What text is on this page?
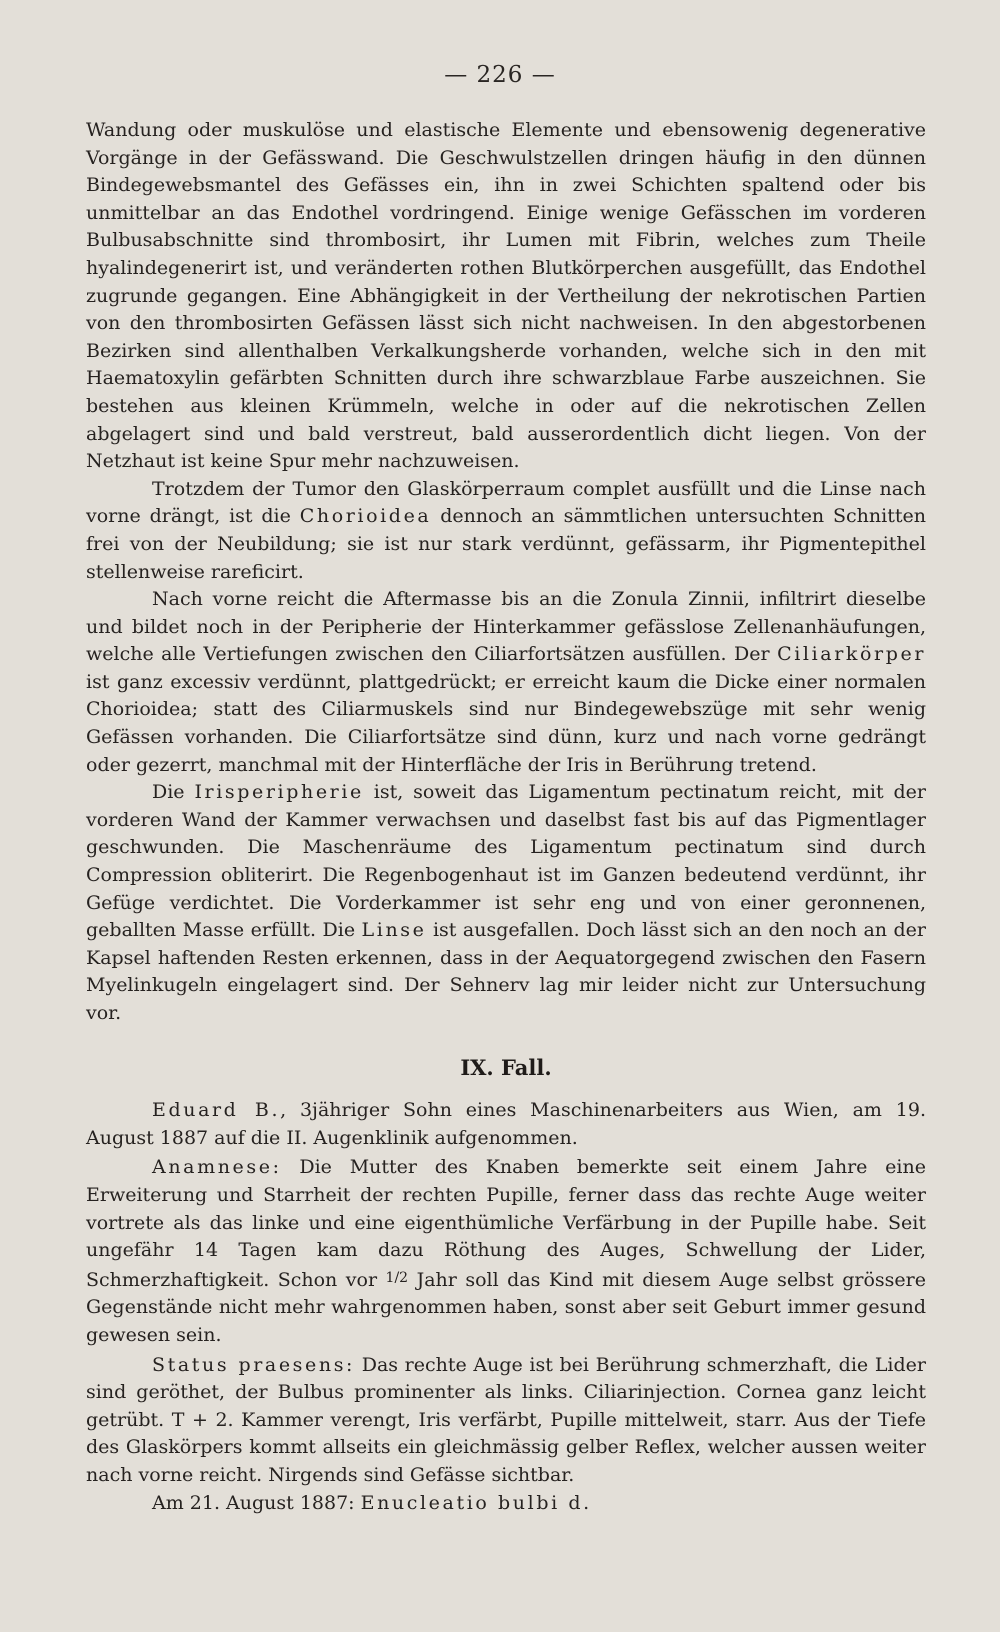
— 226 —

Wandung oder muskulöse und elastische Elemente und ebensowenig degenerative Vorgänge in der Gefässwand. Die Geschwulstzellen dringen häufig in den dünnen Bindegewebsmantel des Gefässes ein, ihn in zwei Schichten spaltend oder bis unmittelbar an das Endothel vordringend. Einige wenige Gefässchen im vorderen Bulbusabschnitte sind thrombosirt, ihr Lumen mit Fibrin, welches zum Theile hyalindegenerirt ist, und veränderten rothen Blutkörperchen ausgefüllt, das Endothel zugrunde gegangen. Eine Abhängigkeit in der Vertheilung der nekrotischen Partien von den thrombosirten Gefässen lässt sich nicht nachweisen. In den abgestorbenen Bezirken sind allenthalben Verkalkungsherde vorhanden, welche sich in den mit Haematoxylin gefärbten Schnitten durch ihre schwarzblaue Farbe auszeichnen. Sie bestehen aus kleinen Krümmeln, welche in oder auf die nekrotischen Zellen abgelagert sind und bald verstreut, bald ausserordentlich dicht liegen. Von der Netzhaut ist keine Spur mehr nachzuweisen.

Trotzdem der Tumor den Glaskörperraum complet ausfüllt und die Linse nach vorne drängt, ist die Chorioidea dennoch an sämmtlichen untersuchten Schnitten frei von der Neubildung; sie ist nur stark verdünnt, gefässarm, ihr Pigmentepithel stellenweise rareficirt.

Nach vorne reicht die Aftermasse bis an die Zonula Zinnii, infiltrirt dieselbe und bildet noch in der Peripherie der Hinterkammer gefässlose Zellenanhäufungen, welche alle Vertiefungen zwischen den Ciliarfortsätzen ausfüllen. Der Ciliarkörper ist ganz excessiv verdünnt, plattgedrückt; er erreicht kaum die Dicke einer normalen Chorioidea; statt des Ciliarmuskels sind nur Bindegewebszüge mit sehr wenig Gefässen vorhanden. Die Ciliarfortsätze sind dünn, kurz und nach vorne gedrängt oder gezerrt, manchmal mit der Hinterfläche der Iris in Berührung tretend.

Die Irisperipherie ist, soweit das Ligamentum pectinatum reicht, mit der vorderen Wand der Kammer verwachsen und daselbst fast bis auf das Pigmentlager geschwunden. Die Maschenräume des Ligamentum pectinatum sind durch Compression obliterirt. Die Regenbogenhaut ist im Ganzen bedeutend verdünnt, ihr Gefüge verdichtet. Die Vorderkammer ist sehr eng und von einer geronnenen, geballten Masse erfüllt. Die Linse ist ausgefallen. Doch lässt sich an den noch an der Kapsel haftenden Resten erkennen, dass in der Aequatorgegend zwischen den Fasern Myelinkugeln eingelagert sind. Der Sehnerv lag mir leider nicht zur Untersuchung vor.

IX. Fall.

Eduard B., 3jähriger Sohn eines Maschinenarbeiters aus Wien, am 19. August 1887 auf die II. Augenklinik aufgenommen.

Anamnese: Die Mutter des Knaben bemerkte seit einem Jahre eine Erweiterung und Starrheit der rechten Pupille, ferner dass das rechte Auge weiter vortrete als das linke und eine eigenthümliche Verfärbung in der Pupille habe. Seit ungefähr 14 Tagen kam dazu Röthung des Auges, Schwellung der Lider, Schmerzhaftigkeit. Schon vor $^{1/2}$ Jahr soll das Kind mit diesem Auge selbst grössere Gegenstände nicht mehr wahrgenommen haben, sonst aber seit Geburt immer gesund gewesen sein.

Status praesens: Das rechte Auge ist bei Berührung schmerzhaft, die Lider sind geröthet, der Bulbus prominenter als links. Ciliarinjection. Cornea ganz leicht getrübt. T + 2. Kammer verengt, Iris verfärbt, Pupille mittelweit, starr. Aus der Tiefe des Glaskörpers kommt allseits ein gleichmässig gelber Reflex, welcher aussen weiter nach vorne reicht. Nirgends sind Gefässe sichtbar.

Am 21. August 1887: Enucleatio bulbi d.
